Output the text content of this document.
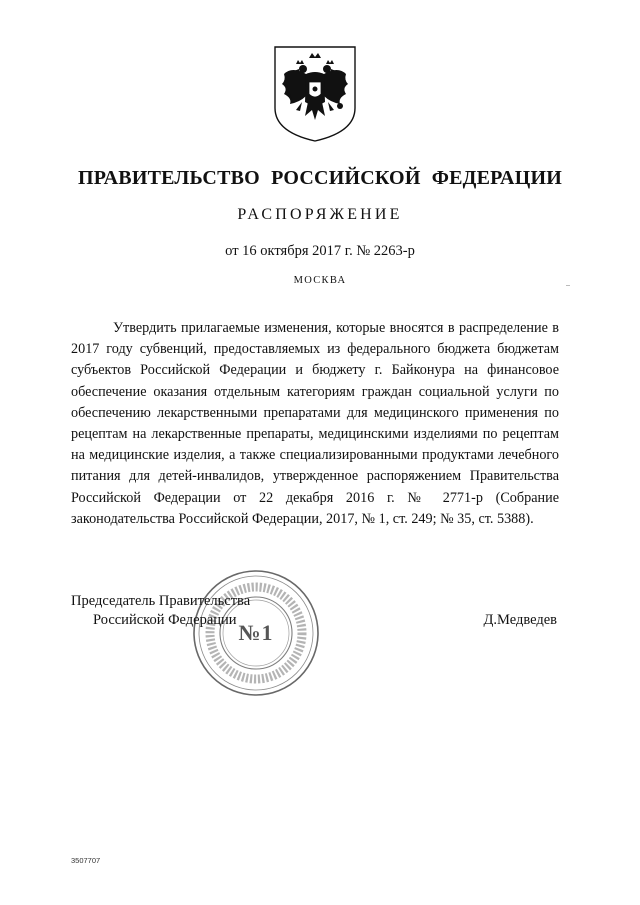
ПРАВИТЕЛЬСТВО РОССИЙСКОЙ ФЕДЕРАЦИИ
РАСПОРЯЖЕНИЕ
от 16 октября 2017 г. № 2263-р
МОСКВА
Утвердить прилагаемые изменения, которые вносятся в распределение в 2017 году субвенций, предоставляемых из федерального бюджета бюджетам субъектов Российской Федерации и бюджету г. Байконура на финансовое обеспечение оказания отдельным категориям граждан социальной услуги по обеспечению лекарственными препаратами для медицинского применения по рецептам на лекарственные препараты, медицинскими изделиями по рецептам на медицинские изделия, а также специализированными продуктами лечебного питания для детей-инвалидов, утвержденное распоряжением Правительства Российской Федерации от 22 декабря 2016 г. № 2771-р (Собрание законодательства Российской Федерации, 2017, № 1, ст. 249; № 35, ст. 5388).
Председатель Правительства
Российской Федерации	Д.Медведев
№1
3507707
